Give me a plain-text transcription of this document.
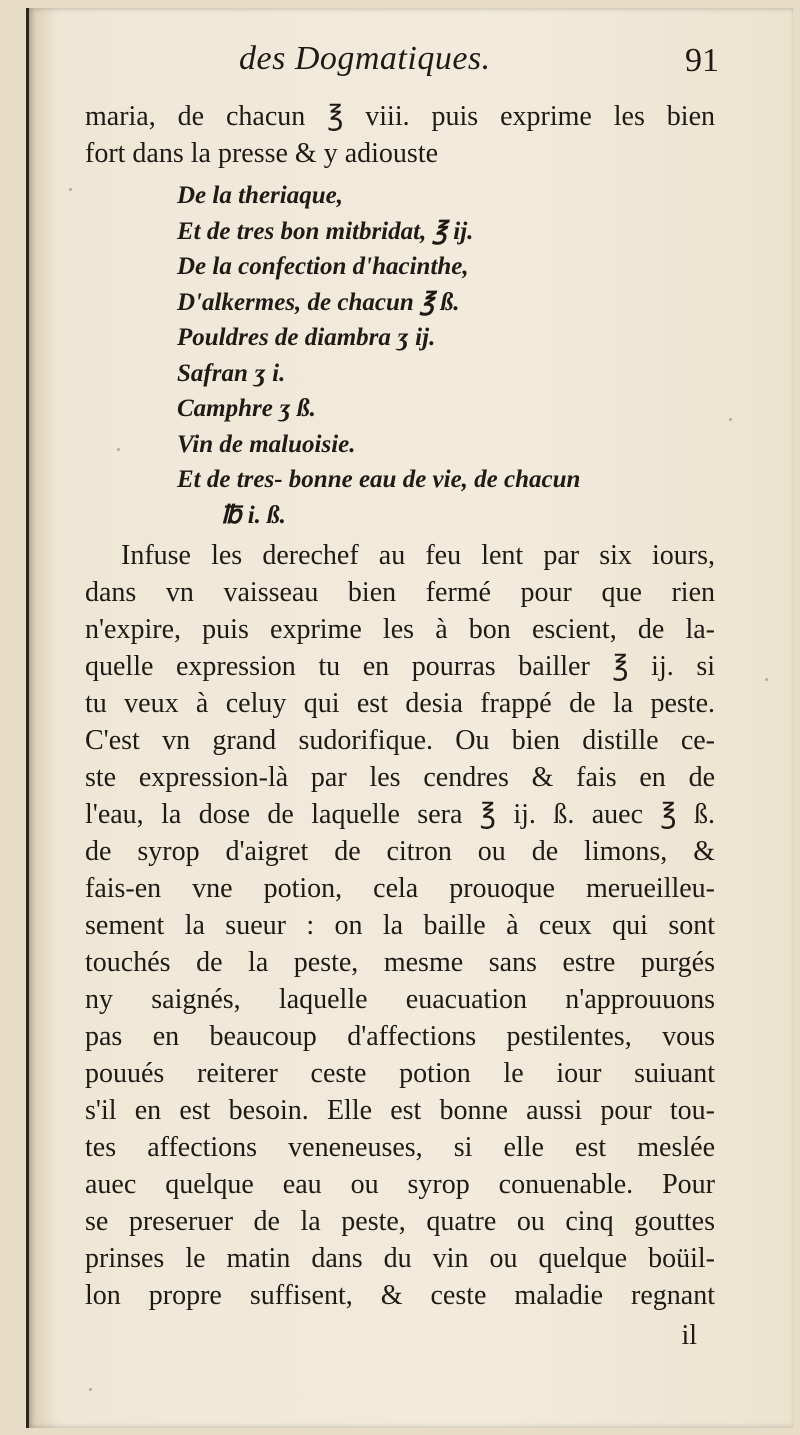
des Dogmatiques.	91
maria, de chacun ℥ viii. puis exprime les bien
fort dans la presse & y adiouste
De la theriaque,
Et de tres bon mitbridat, ℥ ij.
De la confection d'hacinthe,
D'alkermes, de chacun ℥ ß.
Pouldres de diambra ʒ ij.
Safran ʒ i.
Camphre ʒ ß.
Vin de maluoisie.
Et de tres- bonne eau de vie, de chacun
℔ i. ß.
Infuse les derechef au feu lent par six iours,
dans vn vaisseau bien fermé pour que rien
n'expire, puis exprime les à bon escient, de la-
quelle expression tu en pourras bailler ℥ ij. si
tu veux à celuy qui est desia frappé de la peste.
C'est vn grand sudorifique. Ou bien distille ce-
ste expression-là par les cendres & fais en de
l'eau, la dose de laquelle sera ℥ ij. ß. auec ℥ ß.
de syrop d'aigret de citron ou de limons, &
fais-en vne potion, cela prouoque merueilleu-
sement la sueur : on la baille à ceux qui sont
touchés de la peste, mesme sans estre purgés
ny saignés, laquelle euacuation n'approuuons
pas en beaucoup d'affections pestilentes, vous
pouués reiterer ceste potion le iour suiuant
s'il en est besoin. Elle est bonne aussi pour tou-
tes affections veneneuses, si elle est meslée
auec quelque eau ou syrop conuenable. Pour
se preseruer de la peste, quatre ou cinq gouttes
prinses le matin dans du vin ou quelque boüil-
lon propre suffisent, & ceste maladie regnant
il
